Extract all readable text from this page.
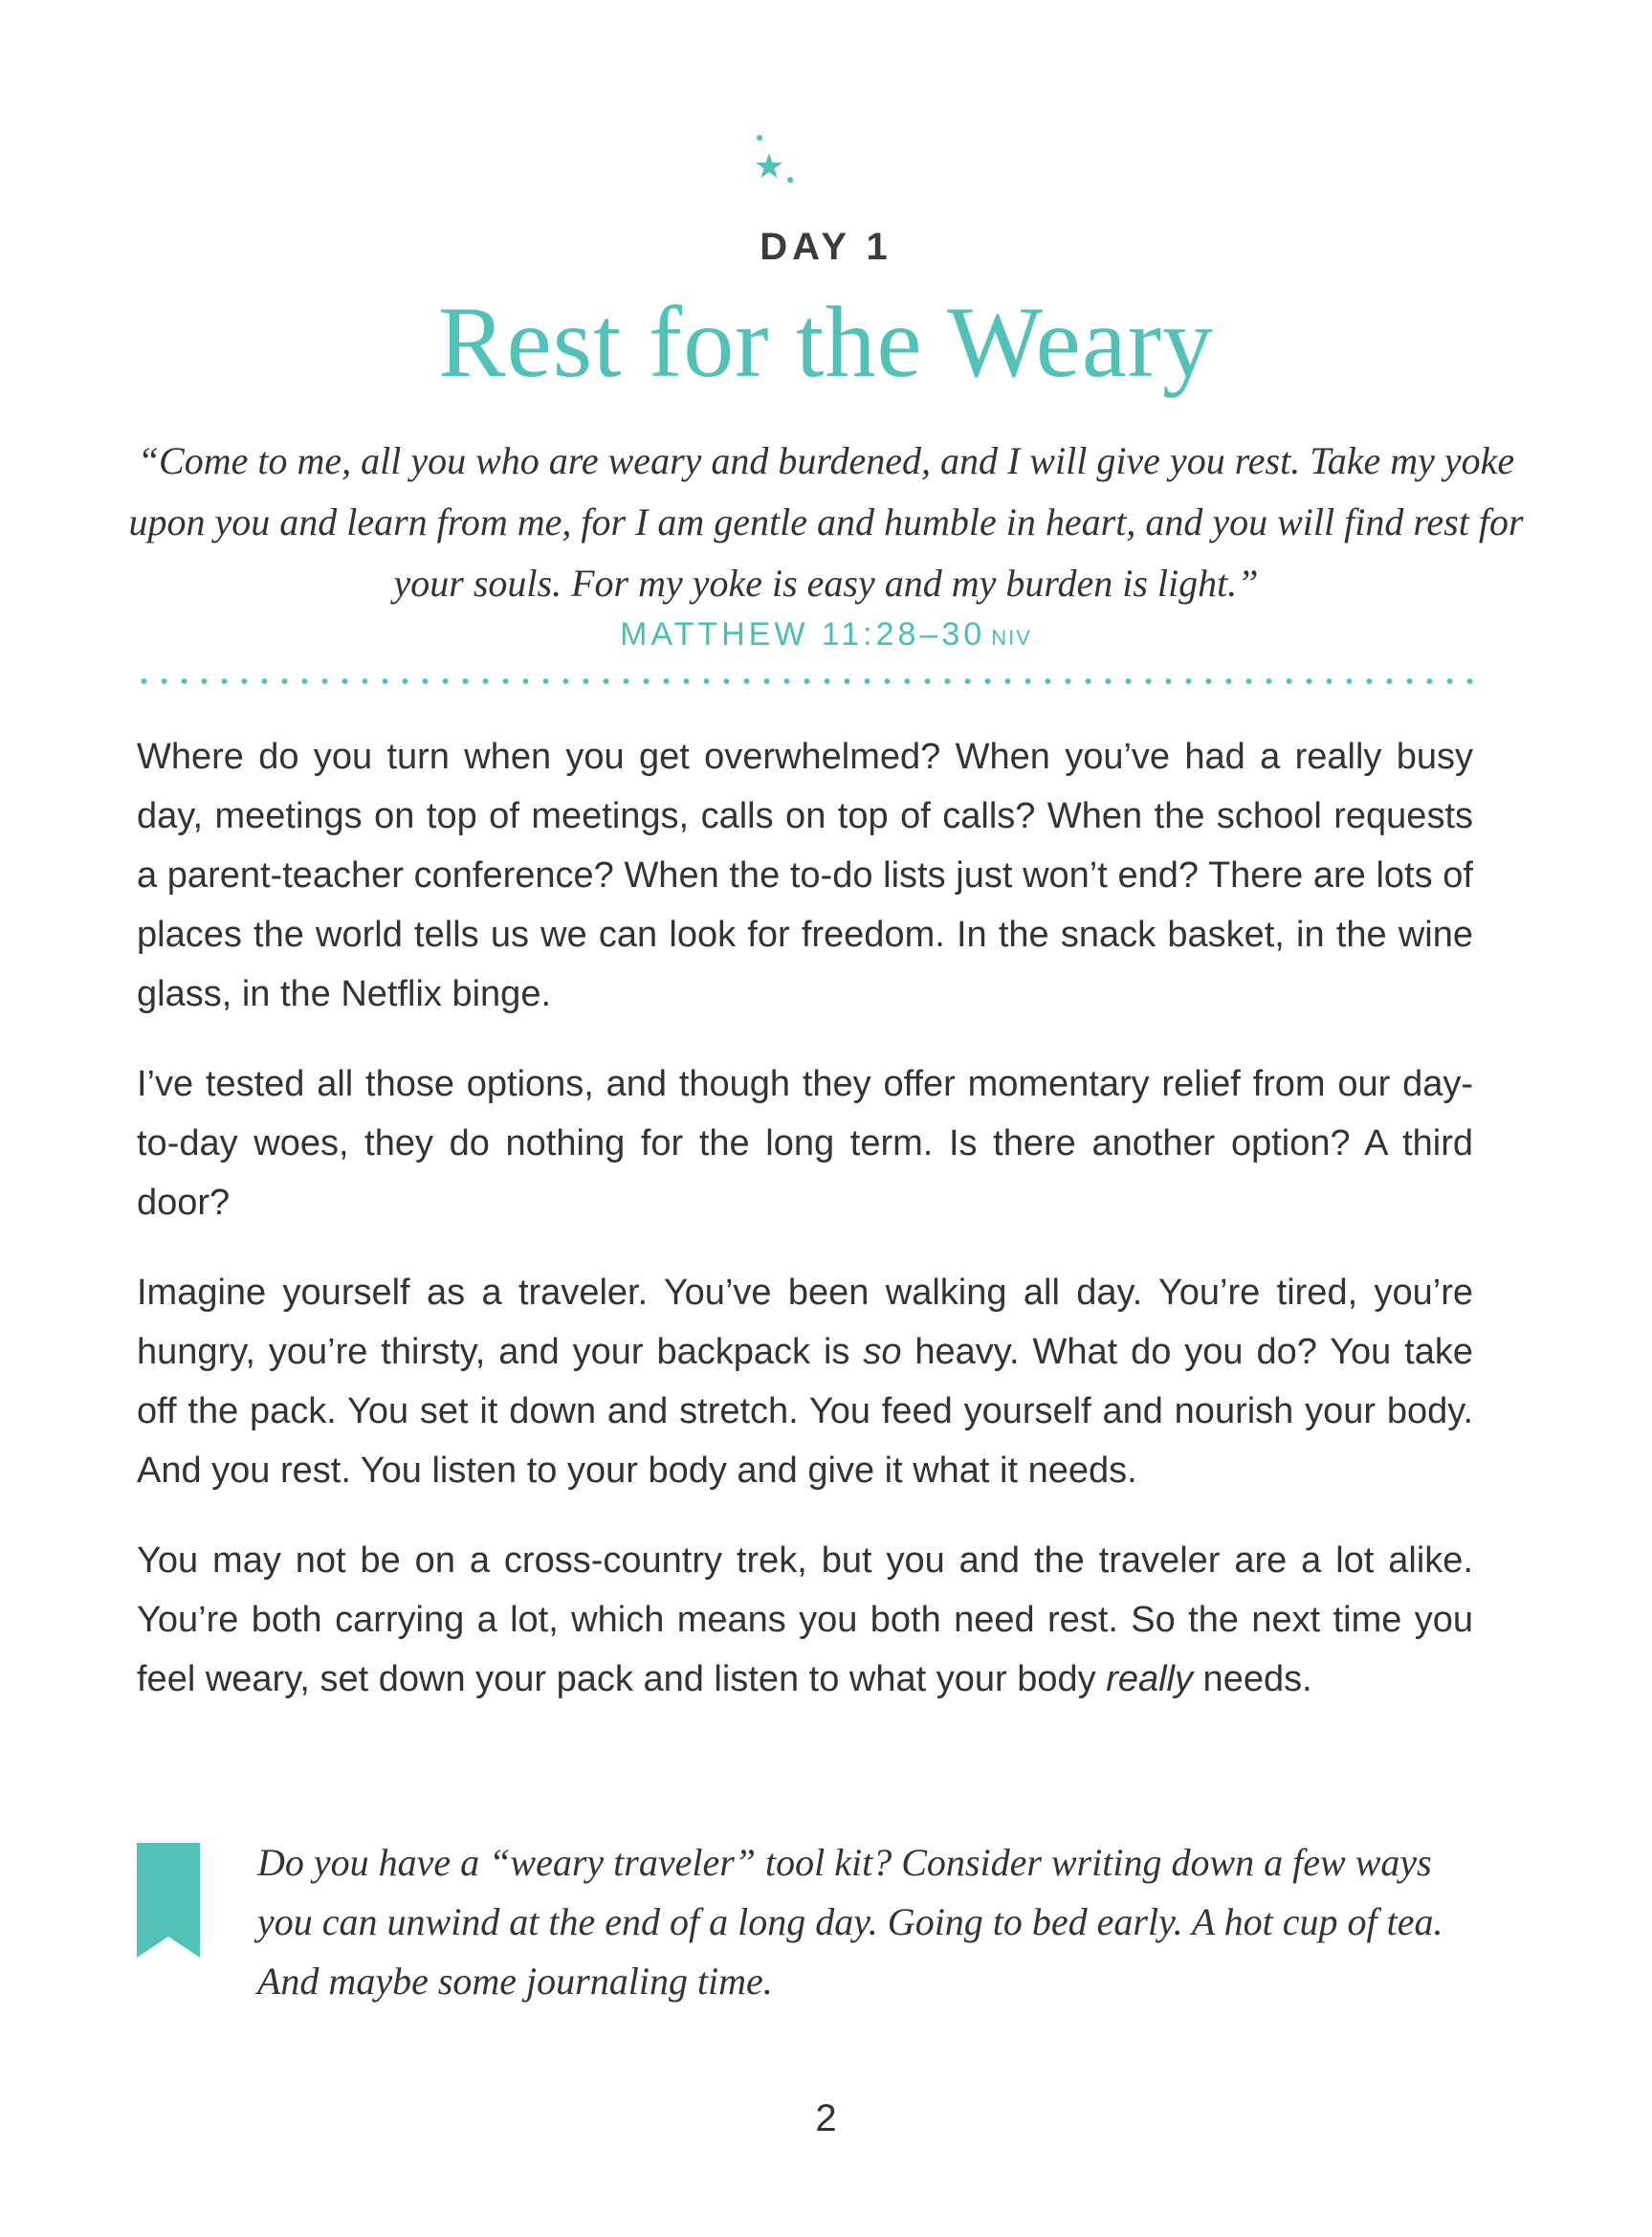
DAY 1
Rest for the Weary
“Come to me, all you who are weary and burdened, and I will give you rest. Take my yoke upon you and learn from me, for I am gentle and humble in heart, and you will find rest for your souls. For my yoke is easy and my burden is light.”
MATTHEW 11:28–30 NIV

Where do you turn when you get overwhelmed? When you’ve had a really busy day, meetings on top of meetings, calls on top of calls? When the school requests a parent-teacher conference? When the to-do lists just won’t end? There are lots of places the world tells us we can look for freedom. In the snack basket, in the wine glass, in the Netflix binge.

I’ve tested all those options, and though they offer momentary relief from our day-to-day woes, they do nothing for the long term. Is there another option? A third door?

Imagine yourself as a traveler. You’ve been walking all day. You’re tired, you’re hungry, you’re thirsty, and your backpack is so heavy. What do you do? You take off the pack. You set it down and stretch. You feed yourself and nourish your body. And you rest. You listen to your body and give it what it needs.

You may not be on a cross-country trek, but you and the traveler are a lot alike. You’re both carrying a lot, which means you both need rest. So the next time you feel weary, set down your pack and listen to what your body really needs.

Do you have a “weary traveler” tool kit? Consider writing down a few ways you can unwind at the end of a long day. Going to bed early. A hot cup of tea. And maybe some journaling time.
2
